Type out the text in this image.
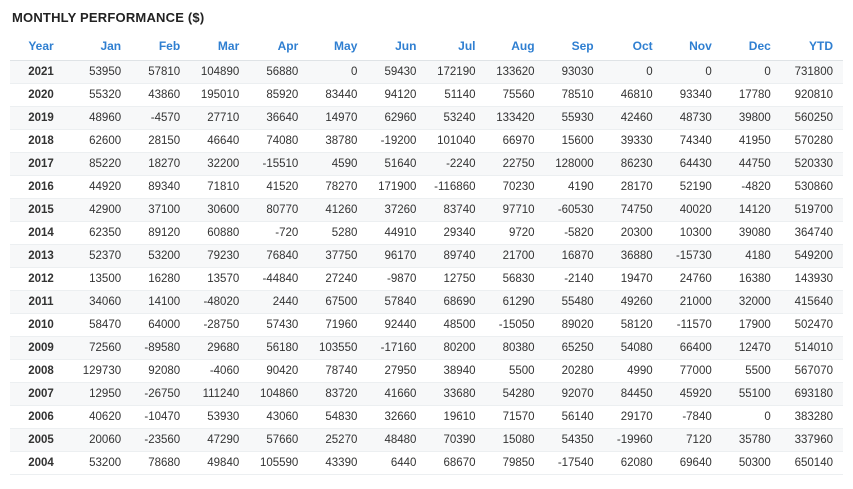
MONTHLY PERFORMANCE ($)
Year	Jan	Feb	Mar	Apr	May	Jun	Jul	Aug	Sep	Oct	Nov	Dec	YTD
2021	53950	57810	104890	56880	0	59430	172190	133620	93030	0	0	0	731800
2020	55320	43860	195010	85920	83440	94120	51140	75560	78510	46810	93340	17780	920810
2019	48960	-4570	27710	36640	14970	62960	53240	133420	55930	42460	48730	39800	560250
2018	62600	28150	46640	74080	38780	-19200	101040	66970	15600	39330	74340	41950	570280
2017	85220	18270	32200	-15510	4590	51640	-2240	22750	128000	86230	64430	44750	520330
2016	44920	89340	71810	41520	78270	171900	-116860	70230	4190	28170	52190	-4820	530860
2015	42900	37100	30600	80770	41260	37260	83740	97710	-60530	74750	40020	14120	519700
2014	62350	89120	60880	-720	5280	44910	29340	9720	-5820	20300	10300	39080	364740
2013	52370	53200	79230	76840	37750	96170	89740	21700	16870	36880	-15730	4180	549200
2012	13500	16280	13570	-44840	27240	-9870	12750	56830	-2140	19470	24760	16380	143930
2011	34060	14100	-48020	2440	67500	57840	68690	61290	55480	49260	21000	32000	415640
2010	58470	64000	-28750	57430	71960	92440	48500	-15050	89020	58120	-11570	17900	502470
2009	72560	-89580	29680	56180	103550	-17160	80200	80380	65250	54080	66400	12470	514010
2008	129730	92080	-4060	90420	78740	27950	38940	5500	20280	4990	77000	5500	567070
2007	12950	-26750	111240	104860	83720	41660	33680	54280	92070	84450	45920	55100	693180
2006	40620	-10470	53930	43060	54830	32660	19610	71570	56140	29170	-7840	0	383280
2005	20060	-23560	47290	57660	25270	48480	70390	15080	54350	-19960	7120	35780	337960
2004	53200	78680	49840	105590	43390	6440	68670	79850	-17540	62080	69640	50300	650140
